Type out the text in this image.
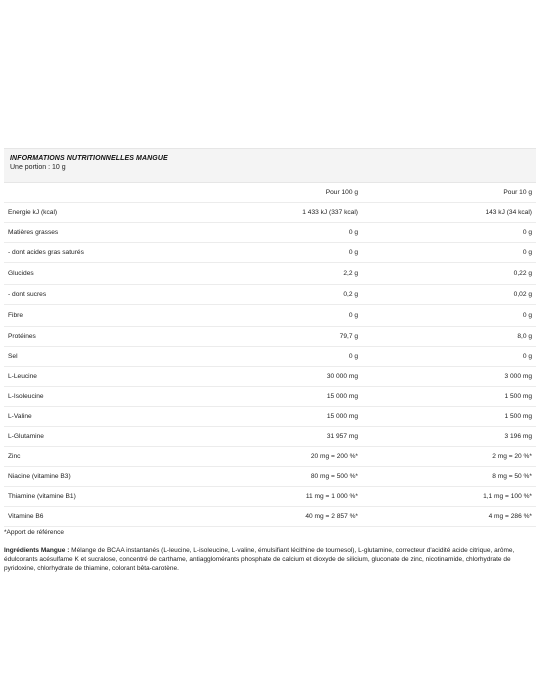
INFORMATIONS NUTRITIONNELLES MANGUE
Une portion : 10 g
Pour 100 g	Pour 10 g
Energie kJ (kcal)	1 433 kJ (337 kcal)	143 kJ (34 kcal)
Matières grasses	0 g	0 g
- dont acides gras saturés	0 g	0 g
Glucides	2,2 g	0,22 g
- dont sucres	0,2 g	0,02 g
Fibre	0 g	0 g
Protéines	79,7 g	8,0 g
Sel	0 g	0 g
L-Leucine	30 000 mg	3 000 mg
L-Isoleucine	15 000 mg	1 500 mg
L-Valine	15 000 mg	1 500 mg
L-Glutamine	31 957 mg	3 196 mg
Zinc	20 mg = 200 %*	2 mg = 20 %*
Niacine (vitamine B3)	80 mg = 500 %*	8 mg = 50 %*
Thiamine (vitamine B1)	11 mg = 1 000 %*	1,1 mg = 100 %*
Vitamine B6	40 mg = 2 857 %*	4 mg = 286 %*
*Apport de référence
Ingrédients Mangue : Mélange de BCAA instantanés (L-leucine, L-isoleucine, L-valine, émulsifiant lécithine de tournesol), L-glutamine, correcteur d'acidité acide citrique, arôme, édulcorants acésulfame K et sucralose, concentré de carthame, antiagglomérants phosphate de calcium et dioxyde de silicium, gluconate de zinc, nicotinamide, chlorhydrate de pyridoxine, chlorhydrate de thiamine, colorant bêta-carotène.
